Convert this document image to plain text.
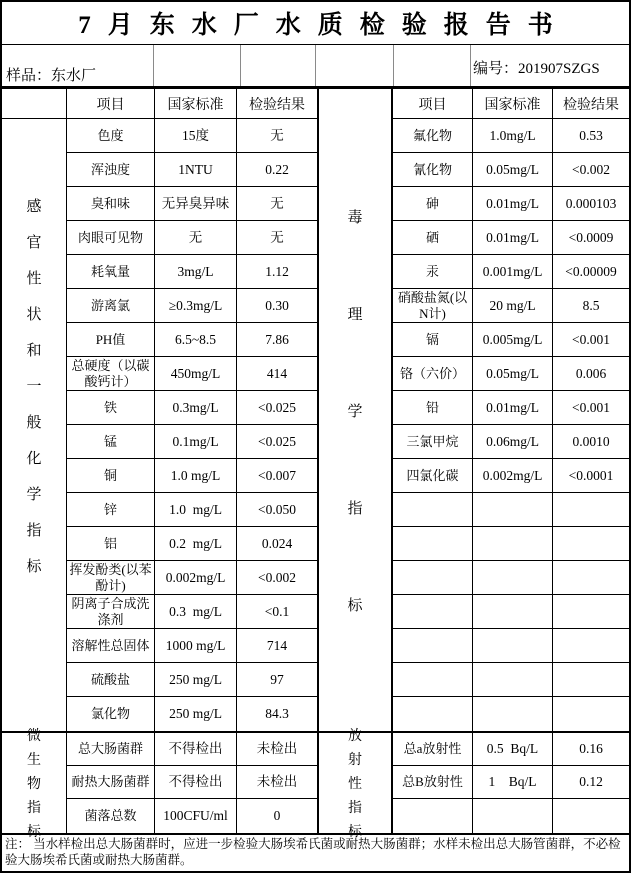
7月东水厂水质检验报告书
样品：东水厂	编号：201907SZGS
感
官
性
状
和
一
般
化
学
指
标
项目	国家标准	检验结果
色度	15度	无
浑浊度	1NTU	0.22
臭和味	无异臭异味	无
肉眼可见物	无	无
耗氧量	3mg/L	1.12
游离氯	≥0.3mg/L	0.30
PH值	6.5~8.5	7.86
总硬度（以碳酸钙计）
450mg/L	414
铁	0.3mg/L	<0.025
锰	0.1mg/L	<0.025
铜	1.0 mg/L	<0.007
锌	1.0  mg/L	<0.050
铝	0.2  mg/L	0.024
挥发酚类(以苯酚计)
0.002mg/L	<0.002
阴离子合成洗涤剂
0.3  mg/L	<0.1
溶解性总固体	1000 mg/L	714
硫酸盐	250 mg/L	97
氯化物	250 mg/L	84.3
毒
理
学
指
标
项目	国家标准	检验结果
氟化物	1.0mg/L	0.53
氰化物	0.05mg/L	<0.002
砷	0.01mg/L	0.000103
硒	0.01mg/L	<0.0009
汞	0.001mg/L	<0.00009
硝酸盐氮(以N计)
20 mg/L	8.5
镉	0.005mg/L	<0.001
铬（六价）	0.05mg/L	0.006
铅	0.01mg/L	<0.001
三氯甲烷	0.06mg/L	0.0010
四氯化碳	0.002mg/L	<0.0001
微
生
物
指
标
总大肠菌群	不得检出	未检出
耐热大肠菌群	不得检出	未检出
菌落总数	100CFU/ml	0
放
射
性
指
标
总a放射性	0.5  Bq/L	0.16
总B放射性	1    Bq/L	0.12
注： 当水样检出总大肠菌群时，应进一步检验大肠埃希氏菌或耐热大肠菌群；水样未检出总大肠管菌群，不必检验大肠埃希氏菌或耐热大肠菌群。
